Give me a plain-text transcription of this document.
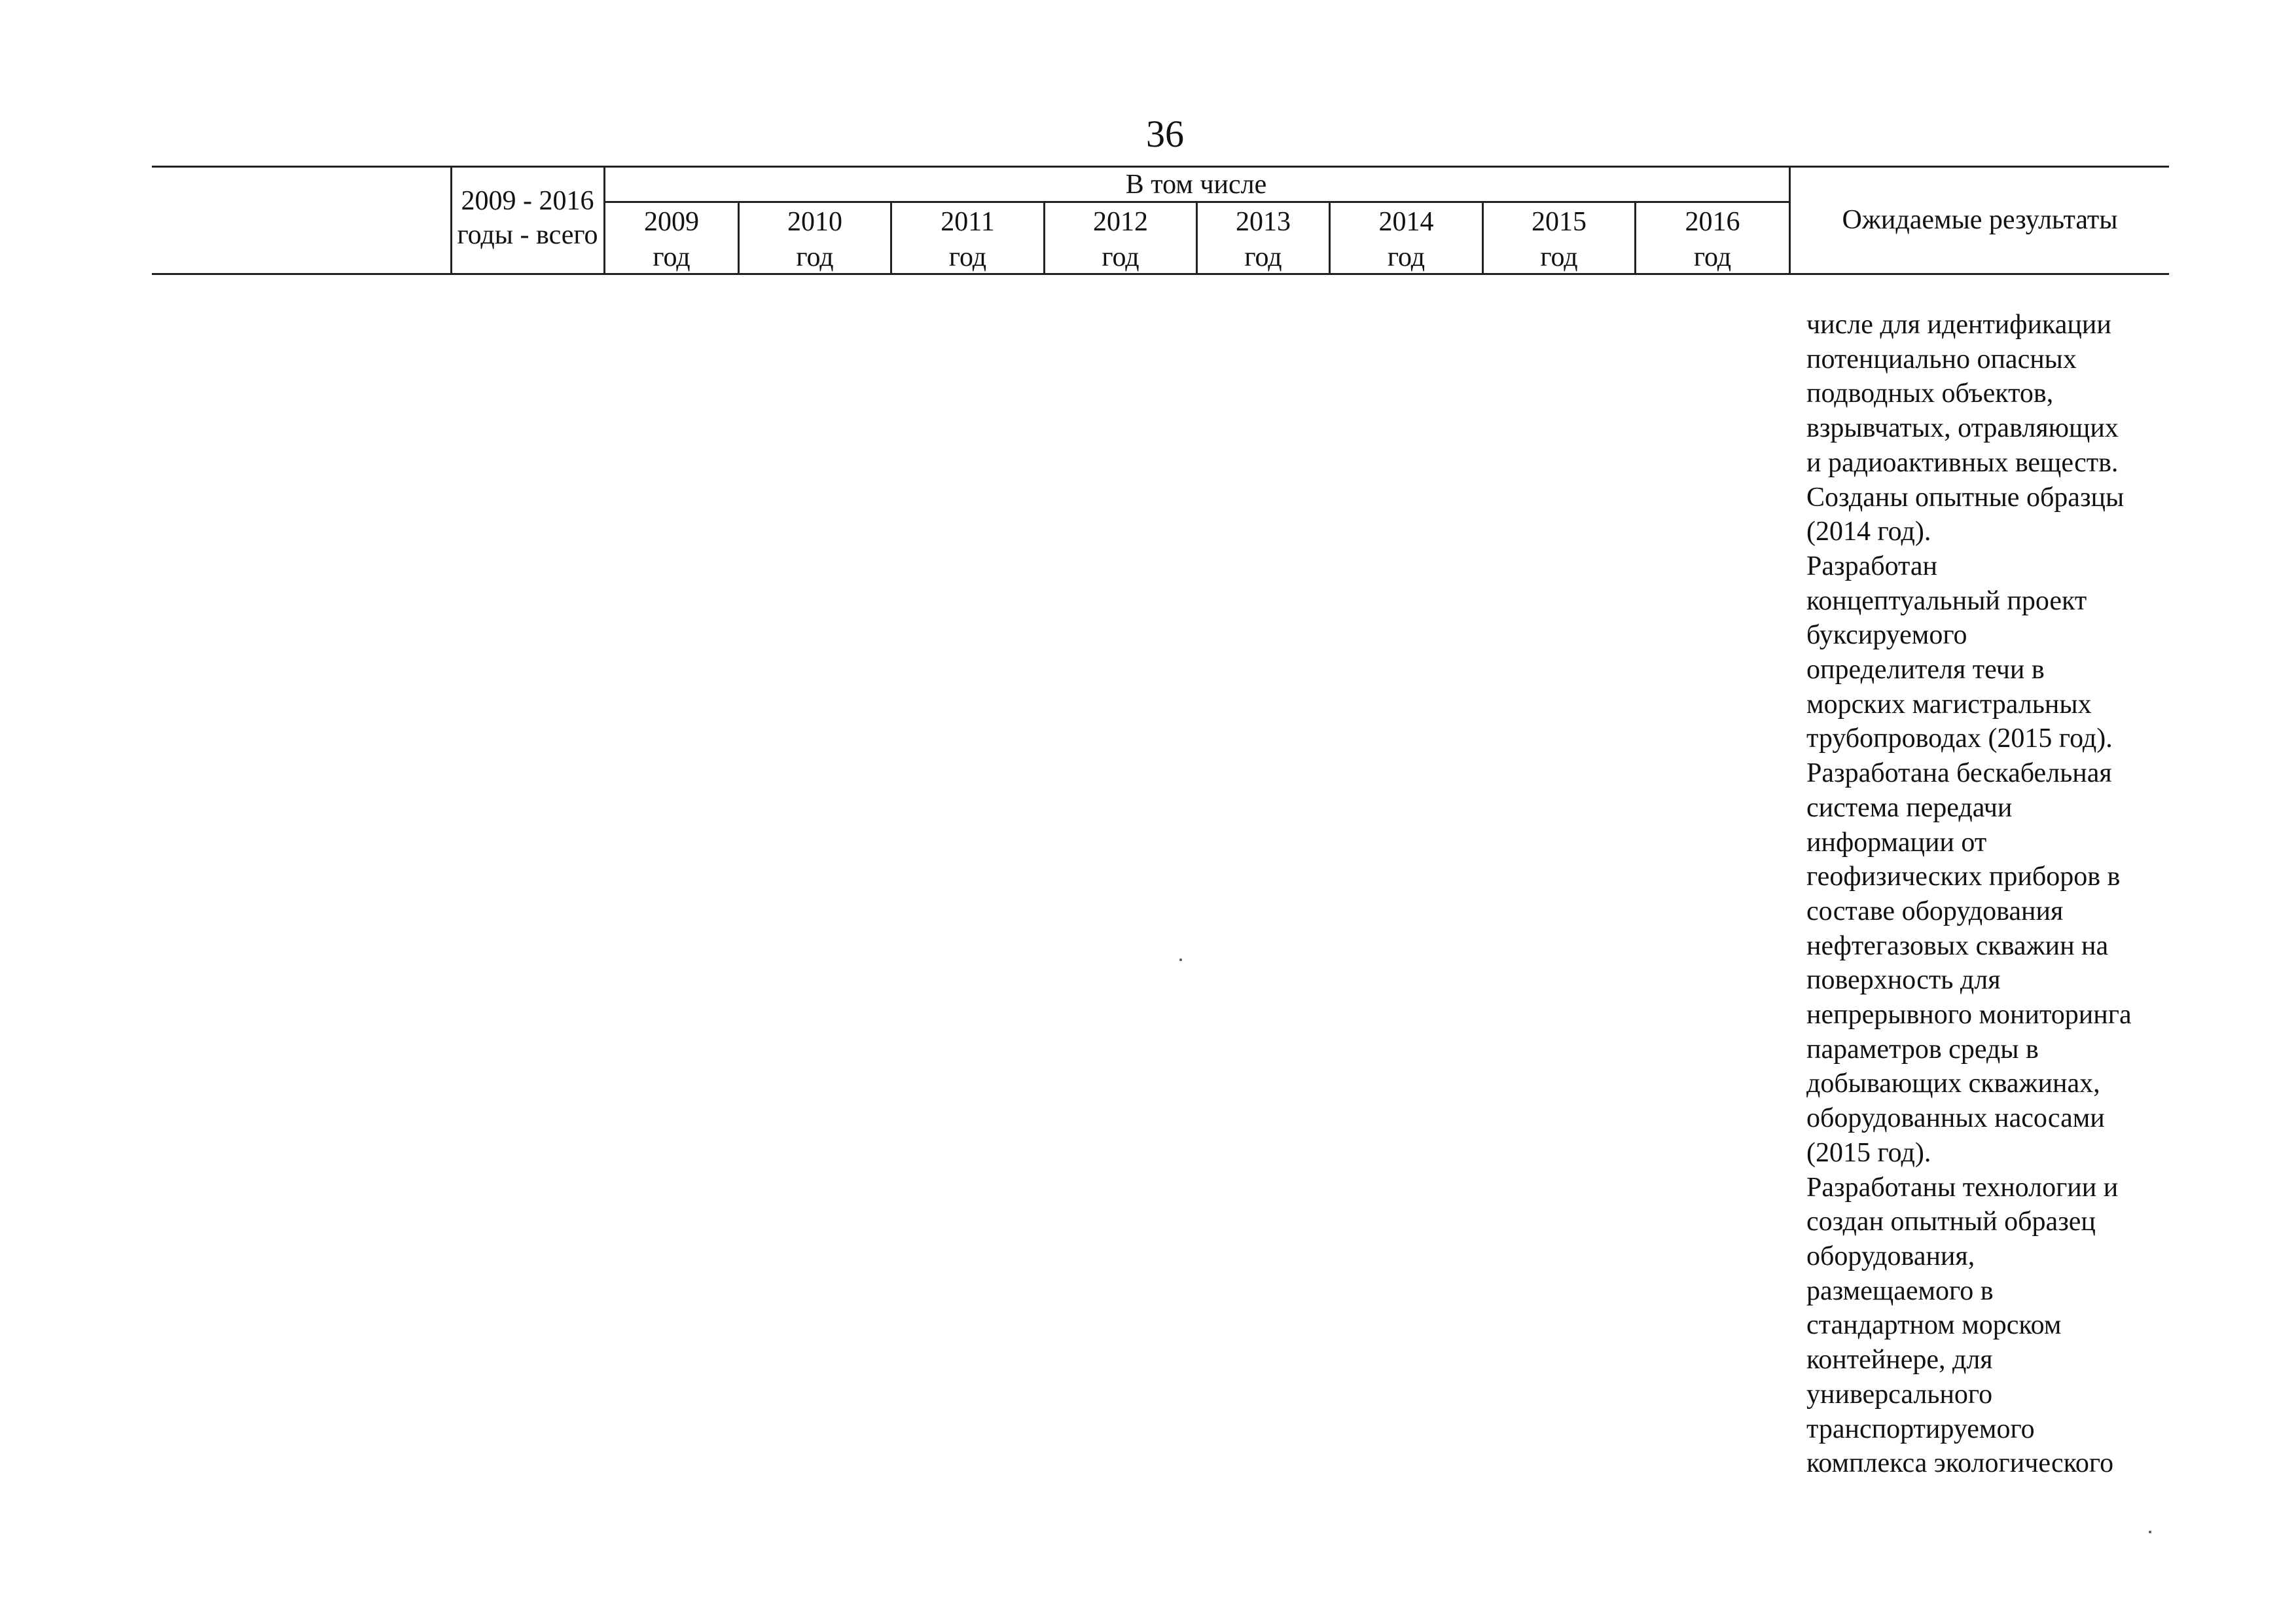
36
2009 - 2016
годы - всего
В том числе
2009
год
2010
год
2011
год
2012
год
2013
год
2014
год
2015
год
2016
год
Ожидаемые результаты
числе для идентификации
потенциально опасных
подводных объектов,
взрывчатых, отравляющих
и радиоактивных веществ.
Созданы опытные образцы
(2014 год).
Разработан
концептуальный проект
буксируемого
определителя течи в
морских магистральных
трубопроводах (2015 год).
Разработана бескабельная
система передачи
информации от
геофизических приборов в
составе оборудования
нефтегазовых скважин на
поверхность для
непрерывного мониторинга
параметров среды в
добывающих скважинах,
оборудованных насосами
(2015 год).
Разработаны технологии и
создан опытный образец
оборудования,
размещаемого в
стандартном морском
контейнере, для
универсального
транспортируемого
комплекса экологического
